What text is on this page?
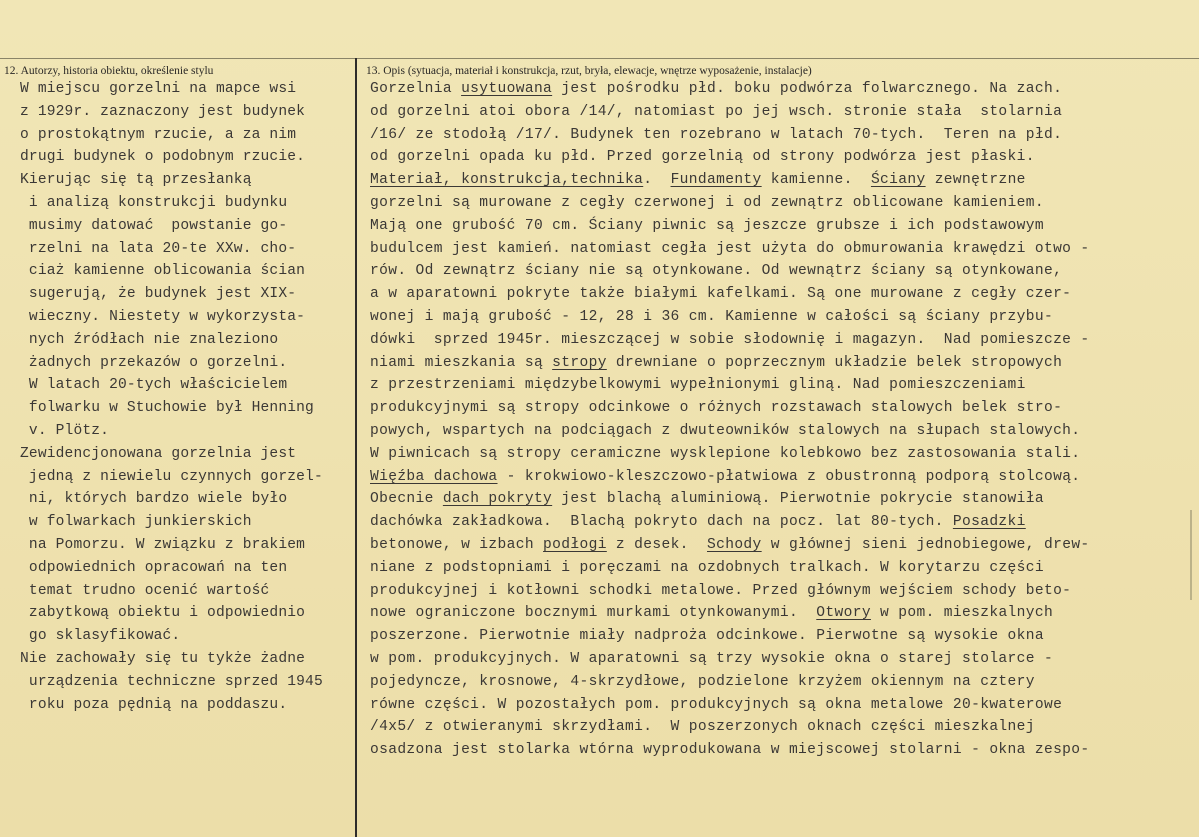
12. Autorzy, historia obiektu, określenie stylu	13. Opis (sytuacja, materiał i konstrukcja, rzut, bryła, elewacje, wnętrze wyposażenie, instalacje)
W miejscu gorzelni na mapce wsi
z 1929r. zaznaczony jest budynek
o prostokątnym rzucie, a za nim
drugi budynek o podobnym rzucie.
Kierując się tą przesłanką
i analizą konstrukcji budynku
musimy datować  powstanie go-
rzelni na lata 20-te XXw. cho-
ciaż kamienne oblicowania ścian
sugerują, że budynek jest XIX-
wieczny. Niestety w wykorzysta-
nych źródłach nie znaleziono
żadnych przekazów o gorzelni.
W latach 20-tych właścicielem
folwarku w Stuchowie był Henning
v. Plötz.
Zewidencjonowana gorzelnia jest
jedną z niewielu czynnych gorzel-
ni, których bardzo wiele było
w folwarkach junkierskich
na Pomorzu. W związku z brakiem
odpowiednich opracowań na ten
temat trudno ocenić wartość
zabytkową obiektu i odpowiednio
go sklasyfikować.
Nie zachowały się tu tykże żadne
urządzenia techniczne sprzed 1945
roku poza pędnią na poddaszu.
Gorzelnia usytuowana jest pośrodku płd. boku podwórza folwarcznego. Na zach.
od gorzelni atoi obora /14/, natomiast po jej wsch. stronie stała  stolarnia
/16/ ze stodołą /17/. Budynek ten rozebrano w latach 70-tych.  Teren na płd.
od gorzelni opada ku płd. Przed gorzelnią od strony podwórza jest płaski.
Materiał, konstrukcja,technika.  Fundamenty kamienne.  Ściany zewnętrzne
gorzelni są murowane z cegły czerwonej i od zewnątrz oblicowane kamieniem.
Mają one grubość 70 cm. Ściany piwnic są jeszcze grubsze i ich podstawowym
budulcem jest kamień. natomiast cegła jest użyta do obmurowania krawędzi otwo -
rów. Od zewnątrz ściany nie są otynkowane. Od wewnątrz ściany są otynkowane,
a w aparatowni pokryte także białymi kafelkami. Są one murowane z cegły czer-
wonej i mają grubość - 12, 28 i 36 cm. Kamienne w całości są ściany przybu-
dówki  sprzed 1945r. mieszczącej w sobie słodownię i magazyn.  Nad pomieszcze -
niami mieszkania są stropy drewniane o poprzecznym układzie belek stropowych
z przestrzeniami międzybelkowymi wypełnionymi gliną. Nad pomieszczeniami
produkcyjnymi są stropy odcinkowe o różnych rozstawach stalowych belek stro-
powych, wspartych na podciągach z dwuteowników stalowych na słupach stalowych.
W piwnicach są stropy ceramiczne wysklepione kolebkowo bez zastosowania stali.
Więźba dachowa - krokwiowo-kleszczowo-płatwiowa z obustronną podporą stolcową.
Obecnie dach pokryty jest blachą aluminiową. Pierwotnie pokrycie stanowiła
dachówka zakładkowa.  Blachą pokryto dach na pocz. lat 80-tych. Posadzki
betonowe, w izbach podłogi z desek.  Schody w głównej sieni jednobiegowe, drew-
niane z podstopniami i poręczami na ozdobnych tralkach. W korytarzu części
produkcyjnej i kotłowni schodki metalowe. Przed głównym wejściem schody beto-
nowe ograniczone bocznymi murkami otynkowanymi.  Otwory w pom. mieszkalnych
poszerzone. Pierwotnie miały nadproża odcinkowe. Pierwotne są wysokie okna
w pom. produkcyjnych. W aparatowni są trzy wysokie okna o starej stolarce -
pojedyncze, krosnowe, 4-skrzydłowe, podzielone krzyżem okiennym na cztery
równe części. W pozostałych pom. produkcyjnych są okna metalowe 20-kwaterowe
/4x5/ z otwieranymi skrzydłami.  W poszerzonych oknach części mieszkalnej
osadzona jest stolarka wtórna wyprodukowana w miejscowej stolarni - okna zespo-
